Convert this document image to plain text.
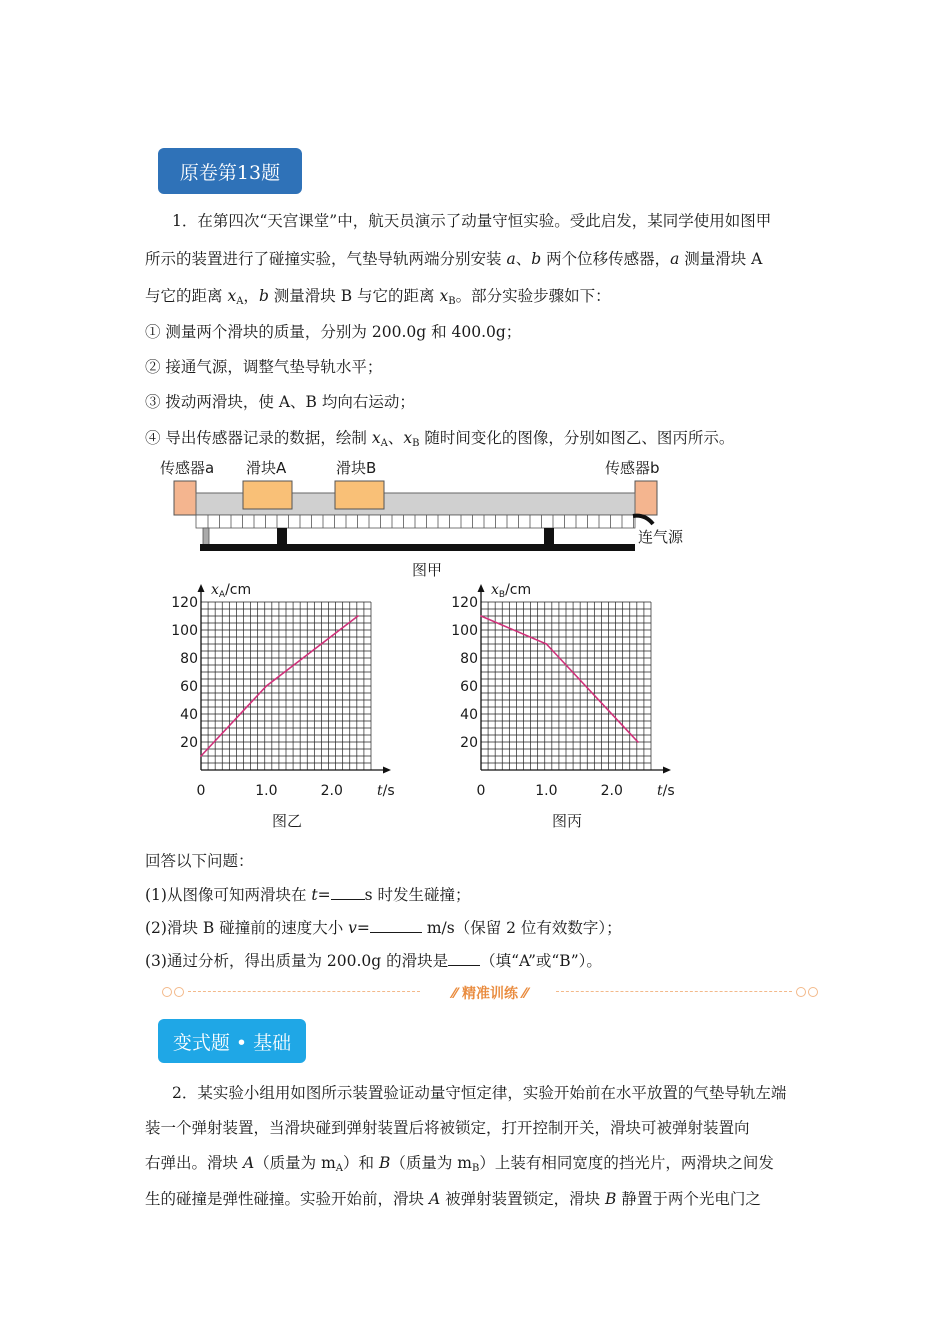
原卷第13题
1．在第四次“天宫课堂”中，航天员演示了动量守恒实验。受此启发，某同学使用如图甲
所示的装置进行了碰撞实验，气垫导轨两端分别安装 a、b 两个位移传感器，a 测量滑块 A
与它的距离 $x_A$，b 测量滑块 B 与它的距离 $x_B$。部分实验步骤如下：
① 测量两个滑块的质量，分别为 200.0g 和 400.0g；
② 接通气源，调整气垫导轨水平；
③ 拨动两滑块，使 A、B 均向右运动；
④ 导出传感器记录的数据，绘制 $x_A$、$x_B$ 随时间变化的图像，分别如图乙、图丙所示。
传感器a 滑块A	滑块B	传感器b
连气源
图甲
$x_A/cm$
t/s
20
40
60
80
100
120
0	1.0	2.0
图乙
$x_B/cm$
t/s
20
40
60
80
100
120
0	1.0	2.0
图丙
回答以下问题：
(1)从图像可知两滑块在 t= s 时发生碰撞；
(2)滑块 B 碰撞前的速度大小 v=	m/s（保留 2 位有效数字）；
(3)通过分析，得出质量为 200.0g 的滑块是 （填“A”或“B”）。
⁄⁄ 精准训练 ⁄⁄
变式题 • 基础
2．某实验小组用如图所示装置验证动量守恒定律，实验开始前在水平放置的气垫导轨左端
装一个弹射装置，当滑块碰到弹射装置后将被锁定，打开控制开关，滑块可被弹射装置向
右弹出。滑块 A（质量为 $m_A$）和 B（质量为 $m_B$）上装有相同宽度的挡光片，两滑块之间发
生的碰撞是弹性碰撞。实验开始前，滑块 A 被弹射装置锁定，滑块 B 静置于两个光电门之
